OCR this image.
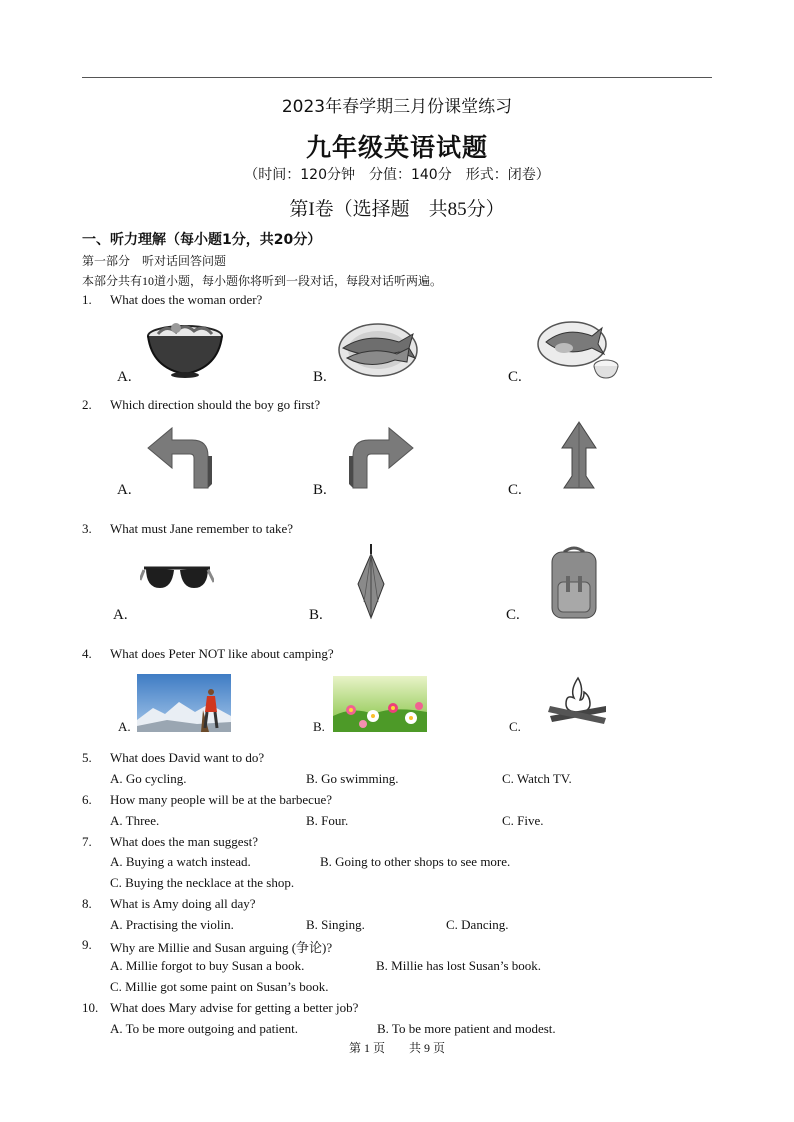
2023年春学期三月份课堂练习
九年级英语试题
（时间：120分钟　分值：140分　形式：闭卷）
第I卷（选择题　共85分）
一、听力理解（每小题1分，共20分）
第一部分　听对话回答问题
本部分共有10道小题，每小题你将听到一段对话，每段对话听两遍。
1. What does the woman order?
A.	B.	C.
2. Which direction should the boy go first?
A.	B.	C.
3. What must Jane remember to take?
A.	B.	C.
4. What does Peter NOT like about camping?
A.	B.	C.
5. What does David want to do?
A. Go cycling.	B. Go swimming.	C. Watch TV.
6. How many people will be at the barbecue?
A. Three.	B. Four.	C. Five.
7. What does the man suggest?
A. Buying a watch instead.	B. Going to other shops to see more.
C. Buying the necklace at the shop.
8. What is Amy doing all day?
A. Practising the violin.	B. Singing.	C. Dancing.
9. Why are Millie and Susan arguing (争论)?
A. Millie forgot to buy Susan a book.	B. Millie has lost Susan’s book.
C. Millie got some paint on Susan’s book.
10. What does Mary advise for getting a better job?
A. To be more outgoing and patient.	B. To be more patient and modest.
第 1 页　　共 9 页
